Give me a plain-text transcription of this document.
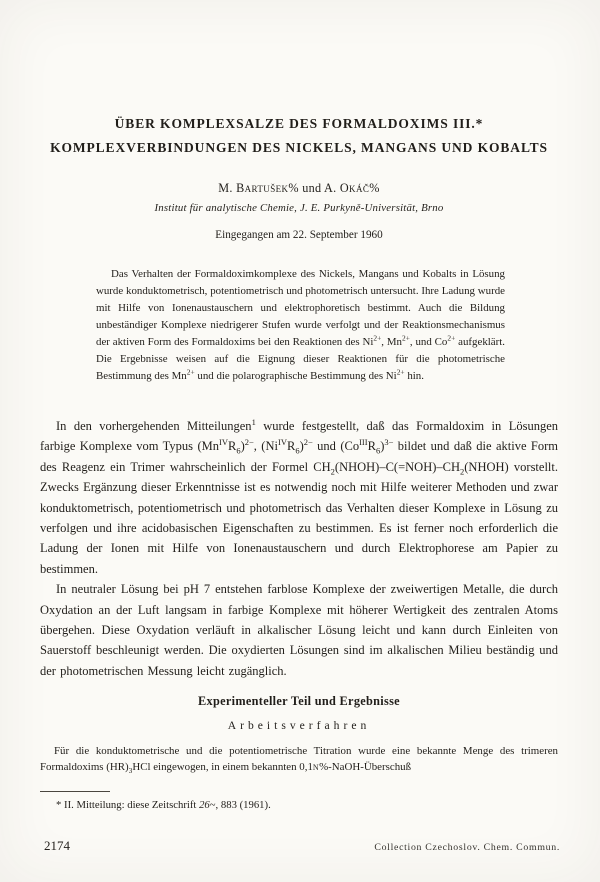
ÜBER KOMPLEXSALZE DES FORMALDOXIMS III.*
KOMPLEXVERBINDUNGEN DES NICKELS, MANGANS UND KOBALTS

M. Bartušek% und A. Okáč%

Institut für analytische Chemie, J. E. Purkyně-Universität, Brno

Eingegangen am 22. September 1960

Das Verhalten der Formaldoximkomplexe des Nickels, Mangans und Kobalts in Lösung wurde konduktometrisch, potentiometrisch und photometrisch untersucht. Ihre Ladung wurde mit Hilfe von Ionenaustauschern und elektrophoretisch bestimmt. Auch die Bildung unbeständiger Komplexe niedrigerer Stufen wurde verfolgt und der Reaktionsmechanismus der aktiven Form des Formaldoxims bei den Reaktionen des $Ni^{2+}$, $Mn^{2+}$, und $Co^{2+}$ aufgeklärt. Die Ergebnisse weisen auf die Eignung dieser Reaktionen für die photometrische Bestimmung des $Mn^{2+}$ und die polarographische Bestimmung des $Ni^{2+}$ hin.

In den vorhergehenden Mitteilungen$^1$ wurde festgestellt, daß das Formaldoxim in Lösungen farbige Komplexe vom Typus $(Mn^{IV}R_6)^{2-}$, $(Ni^{IV}R_6)^{2-}$ und $(Co^{III}R_6)^{3-}$ bildet und daß die aktive Form des Reagenz ein Trimer wahrscheinlich der Formel $CH_2(NHOH)-C(=NOH)-CH_2(NHOH)$ vorstellt. Zwecks Ergänzung dieser Erkenntnisse ist es notwendig noch mit Hilfe weiterer Methoden und zwar konduktometrisch, potentiometrisch und photometrisch das Verhalten dieser Komplexe in Lösung zu verfolgen und ihre acidobasischen Eigenschaften zu bestimmen. Es ist ferner noch erforderlich die Ladung der Ionen mit Hilfe von Ionenaustauschern und durch Elektrophorese am Papier zu bestimmen.

In neutraler Lösung bei pH 7 entstehen farblose Komplexe der zweiwertigen Metalle, die durch Oxydation an der Luft langsam in farbige Komplexe mit höherer Wertigkeit des zentralen Atoms übergehen. Diese Oxydation verläuft in alkalischer Lösung leicht und kann durch Einleiten von Sauerstoff beschleunigt werden. Die oxydierten Lösungen sind im alkalischen Milieu beständig und der photometrischen Messung leicht zugänglich.

Experimenteller Teil und Ergebnisse
Arbeitsverfahren

Für die konduktometrische und die potentiometrische Titration wurde eine bekannte Menge des trimeren Formaldoxims $(HR)_3HCl$ eingewogen, in einem bekannten 0,1n%-NaOH-Überschuß

* II. Mitteilung: diese Zeitschrift 26~, 883 (1961).

2174	Collection Czechoslov. Chem. Commun.
